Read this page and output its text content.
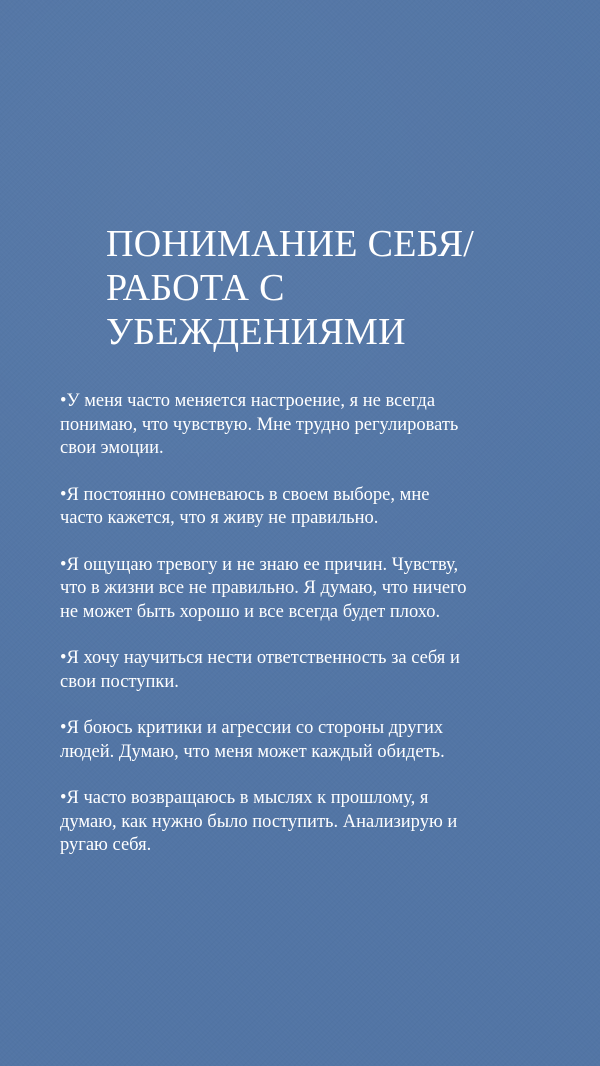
ПОНИМАНИЕ СЕБЯ/
РАБОТА С
УБЕЖДЕНИЯМИ
•У меня часто меняется настроение, я не всегда
понимаю, что чувствую. Мне трудно регулировать
свои эмоции.
•Я постоянно сомневаюсь в своем выборе, мне
часто кажется, что я живу не правильно.
•Я ощущаю тревогу и не знаю ее причин. Чувству,
что в жизни все не правильно. Я думаю, что ничего
не может быть хорошо и все всегда будет плохо.
•Я хочу научиться нести ответственность за себя и
свои поступки.
•Я боюсь критики и агрессии со стороны других
людей. Думаю, что меня может каждый обидеть.
•Я часто возвращаюсь в мыслях к прошлому, я
думаю, как нужно было поступить. Анализирую и
ругаю себя.
